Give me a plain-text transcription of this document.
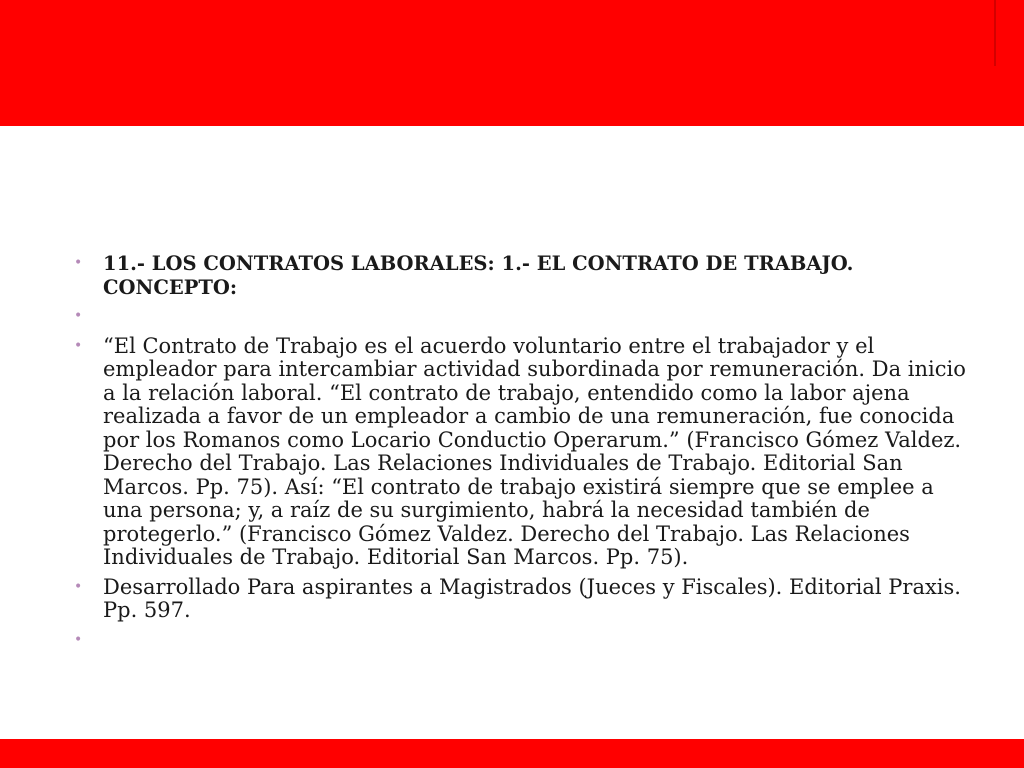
• 11.- LOS CONTRATOS LABORALES: 1.- EL CONTRATO DE TRABAJO. CONCEPTO:
•
• “El Contrato de Trabajo es el acuerdo voluntario entre el trabajador y el empleador para intercambiar actividad subordinada por remuneración. Da inicio a la relación laboral. “El contrato de trabajo, entendido como la labor ajena realizada a favor de un empleador a cambio de una remuneración, fue conocida por los Romanos como Locario Conductio Operarum.” (Francisco Gómez Valdez. Derecho del Trabajo. Las Relaciones Individuales de Trabajo. Editorial San Marcos. Pp. 75). Así: “El contrato de trabajo existirá siempre que se emplee a una persona; y, a raíz de su surgimiento, habrá la necesidad también de protegerlo.” (Francisco Gómez Valdez. Derecho del Trabajo. Las Relaciones Individuales de Trabajo. Editorial San Marcos. Pp. 75).
• Desarrollado Para aspirantes a Magistrados (Jueces y Fiscales). Editorial Praxis. Pp. 597.
•
